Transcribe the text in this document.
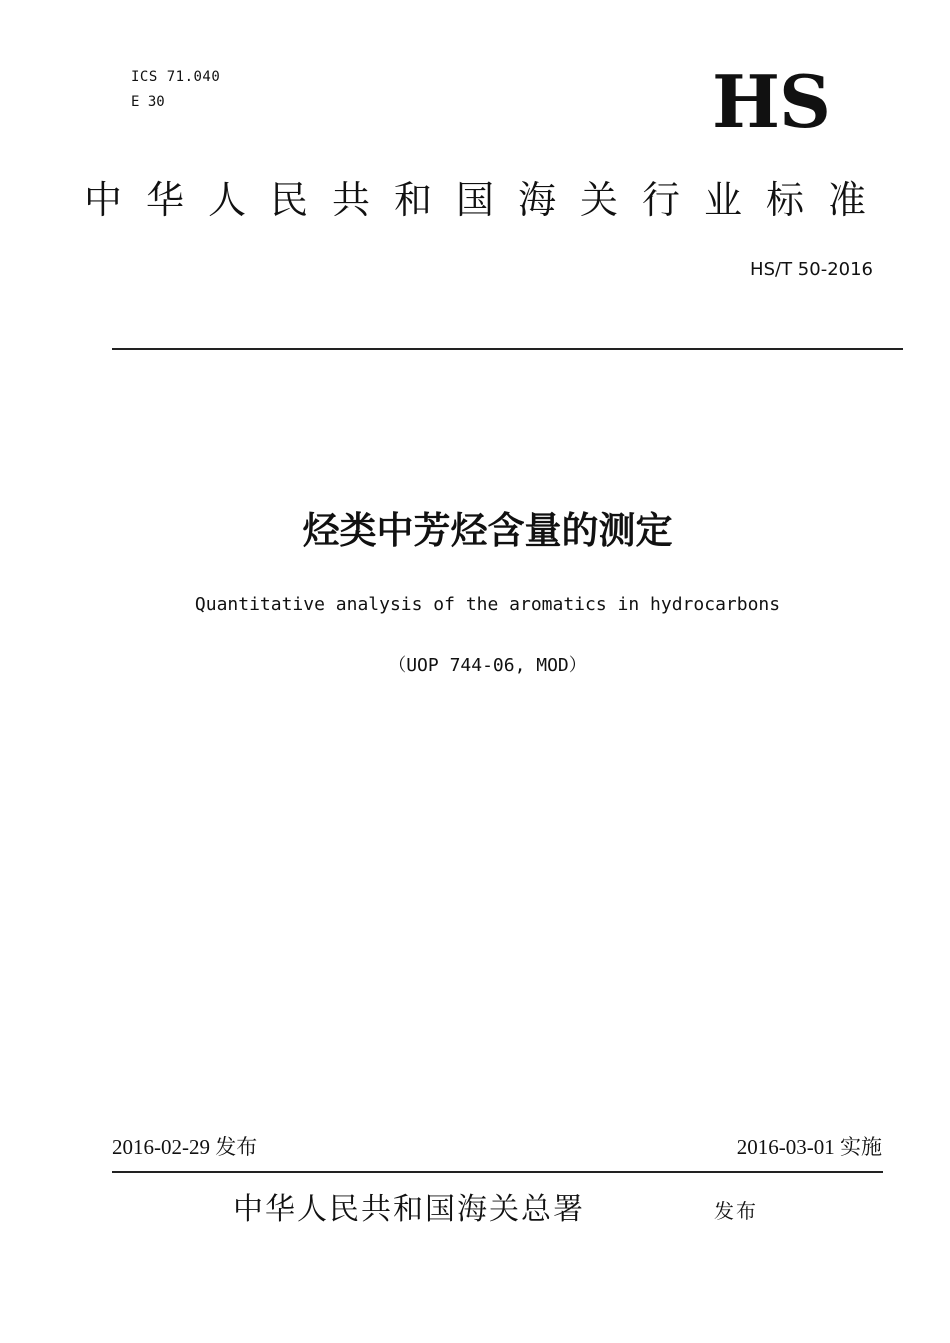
ICS 71.040
E 30	HS
中华人民共和国海关行业标准
HS/T 50-2016
烃类中芳烃含量的测定
Quantitative analysis of the aromatics in hydrocarbons
（UOP 744-06, MOD）
2016-02-29 发布	2016-03-01 实施
中华人民共和国海关总署	发布
